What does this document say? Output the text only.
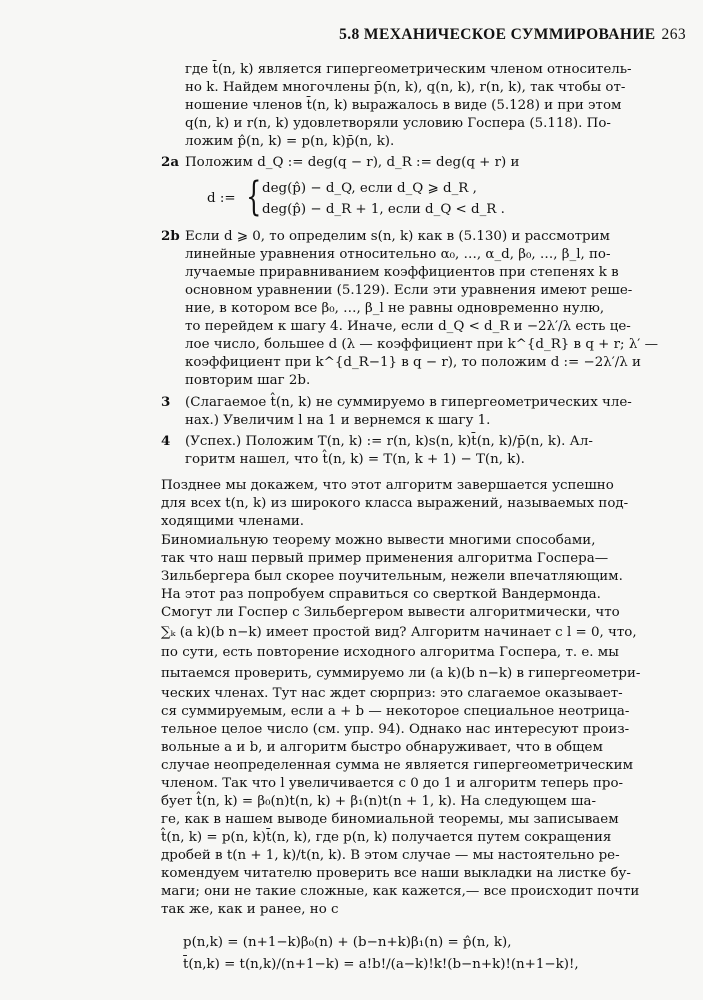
5.8 МЕХАНИЧЕСКОЕ СУММИРОВАНИЕ 263
где t̄(n, k) является гипергеометрическим членом относитель-
но k. Найдем многочлены p̄(n, k), q(n, k), r(n, k), так чтобы от-
ношение членов t̄(n, k) выражалось в виде (5.128) и при этом
q(n, k) и r(n, k) удовлетворяли условию Госпера (5.118). По-
ложим p̂(n, k) = p(n, k)p̄(n, k).
2a Положим d_Q := deg(q − r), d_R := deg(q + r) и
d := { deg(p̂) − d_Q, если d_Q ⩾ d_R ,
deg(p̂) − d_R + 1, если d_Q < d_R .
2b Если d ⩾ 0, то определим s(n, k) как в (5.130) и рассмотрим
линейные уравнения относительно α₀, …, α_d, β₀, …, β_l, по-
лучаемые приравниванием коэффициентов при степенях k в
основном уравнении (5.129). Если эти уравнения имеют реше-
ние, в котором все β₀, …, β_l не равны одновременно нулю,
то перейдем к шагу 4. Иначе, если d_Q < d_R и −2λ′/λ есть це-
лое число, большее d (λ — коэффициент при k^{d_R} в q + r; λ′ —
коэффициент при k^{d_R−1} в q − r), то положим d := −2λ′/λ и
повторим шаг 2b.
3 (Слагаемое t̂(n, k) не суммируемо в гипергеометрических чле-
нах.) Увеличим l на 1 и вернемся к шагу 1.
4 (Успех.) Положим T(n, k) := r(n, k)s(n, k)t̄(n, k)/p̄(n, k). Ал-
горитм нашел, что t̂(n, k) = T(n, k + 1) − T(n, k).
Позднее мы докажем, что этот алгоритм завершается успешно
для всех t(n, k) из широкого класса выражений, называемых под-
ходящими членами.
Биномиальную теорему можно вывести многими способами,
так что наш первый пример применения алгоритма Госпера—
Зильбергера был скорее поучительным, нежели впечатляющим.
На этот раз попробуем справиться со сверткой Вандермонда.
Смогут ли Госпер с Зильбергером вывести алгоритмически, что
∑ₖ (a k)(b n−k) имеет простой вид? Алгоритм начинает с l = 0, что,
по сути, есть повторение исходного алгоритма Госпера, т. е. мы
пытаемся проверить, суммируемо ли (a k)(b n−k) в гипергеометри-
ческих членах. Тут нас ждет сюрприз: это слагаемое оказывает-
ся суммируемым, если a + b — некоторое специальное неотрица-
тельное целое число (см. упр. 94). Однако нас интересуют произ-
вольные a и b, и алгоритм быстро обнаруживает, что в общем
случае неопределенная сумма не является гипергеометрическим
членом. Так что l увеличивается с 0 до 1 и алгоритм теперь про-
бует t̂(n, k) = β₀(n)t(n, k) + β₁(n)t(n + 1, k). На следующем ша-
ге, как в нашем выводе биномиальной теоремы, мы записываем
t̂(n, k) = p(n, k)t̄(n, k), где p(n, k) получается путем сокращения
дробей в t(n + 1, k)/t(n, k). В этом случае — мы настоятельно ре-
комендуем читателю проверить все наши выкладки на листке бу-
маги; они не такие сложные, как кажется,— все происходит почти
так же, как и ранее, но с
p(n,k) = (n+1−k)β₀(n) + (b−n+k)β₁(n) = p̂(n, k),
t̄(n,k) = t(n,k)/(n+1−k) = a!b!/(a−k)!k!(b−n+k)!(n+1−k)!,
